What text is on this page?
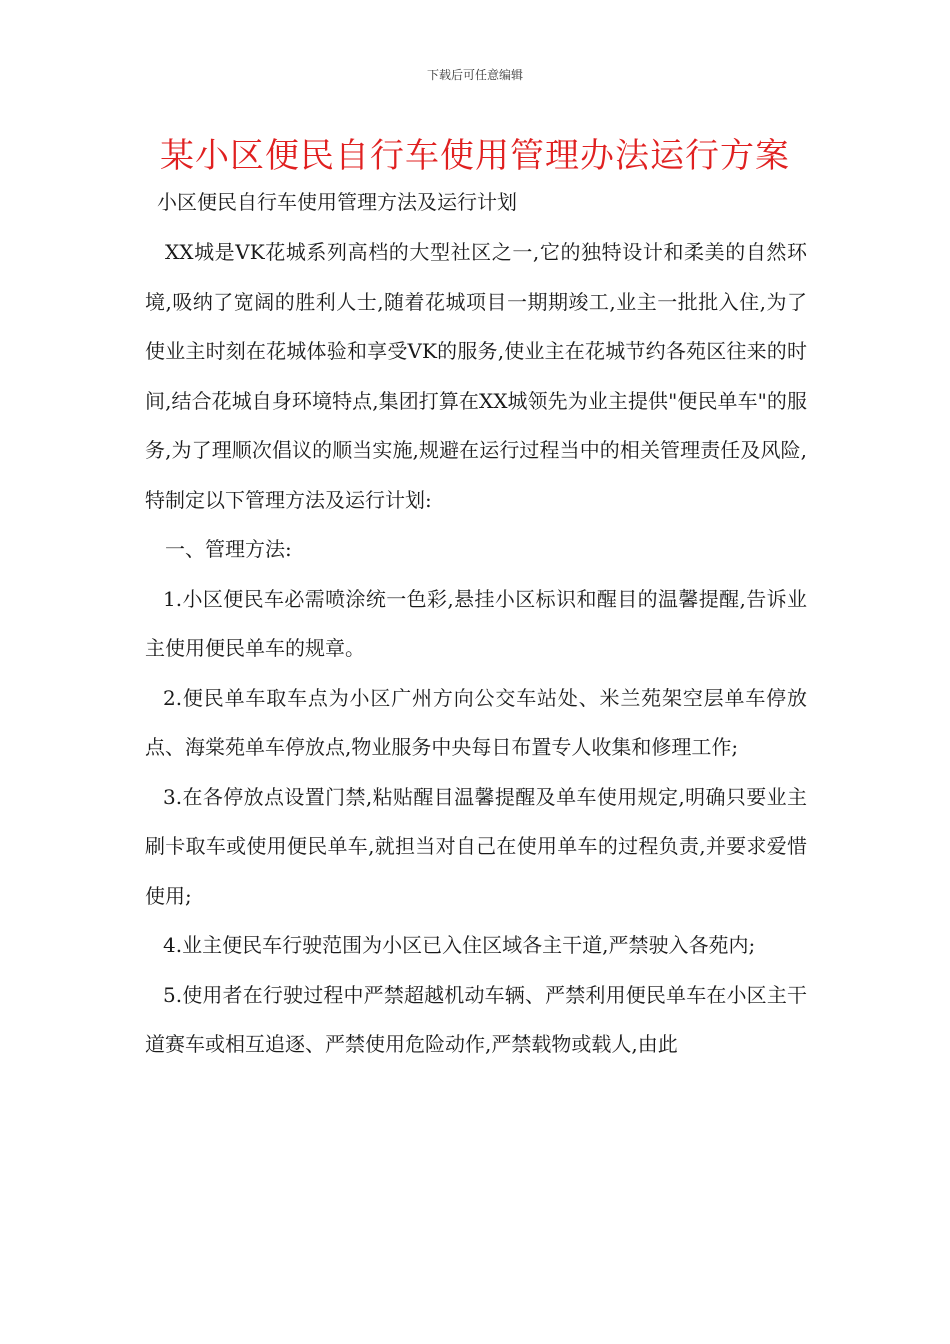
下载后可任意编辑
某小区便民自行车使用管理办法运行方案
小区便民自行车使用管理方法及运行计划

XX城是VK花城系列高档的大型社区之一,它的独特设计和柔美的自然环境,吸纳了宽阔的胜利人士,随着花城项目一期期竣工,业主一批批入住,为了使业主时刻在花城体验和享受VK的服务,使业主在花城节约各苑区往来的时间,结合花城自身环境特点,集团打算在XX城领先为业主提供"便民单车"的服务,为了理顺次倡议的顺当实施,规避在运行过程当中的相关管理责任及风险,特制定以下管理方法及运行计划:

一、管理方法:

1.小区便民车必需喷涂统一色彩,悬挂小区标识和醒目的温馨提醒,告诉业主使用便民单车的规章。

2.便民单车取车点为小区广州方向公交车站处、米兰苑架空层单车停放点、海棠苑单车停放点,物业服务中央每日布置专人收集和修理工作;

3.在各停放点设置门禁,粘贴醒目温馨提醒及单车使用规定,明确只要业主刷卡取车或使用便民单车,就担当对自己在使用单车的过程负责,并要求爱惜使用;

4.业主便民车行驶范围为小区已入住区域各主干道,严禁驶入各苑内;

5.使用者在行驶过程中严禁超越机动车辆、严禁利用便民单车在小区主干道赛车或相互追逐、严禁使用危险动作,严禁载物或载人,由此
